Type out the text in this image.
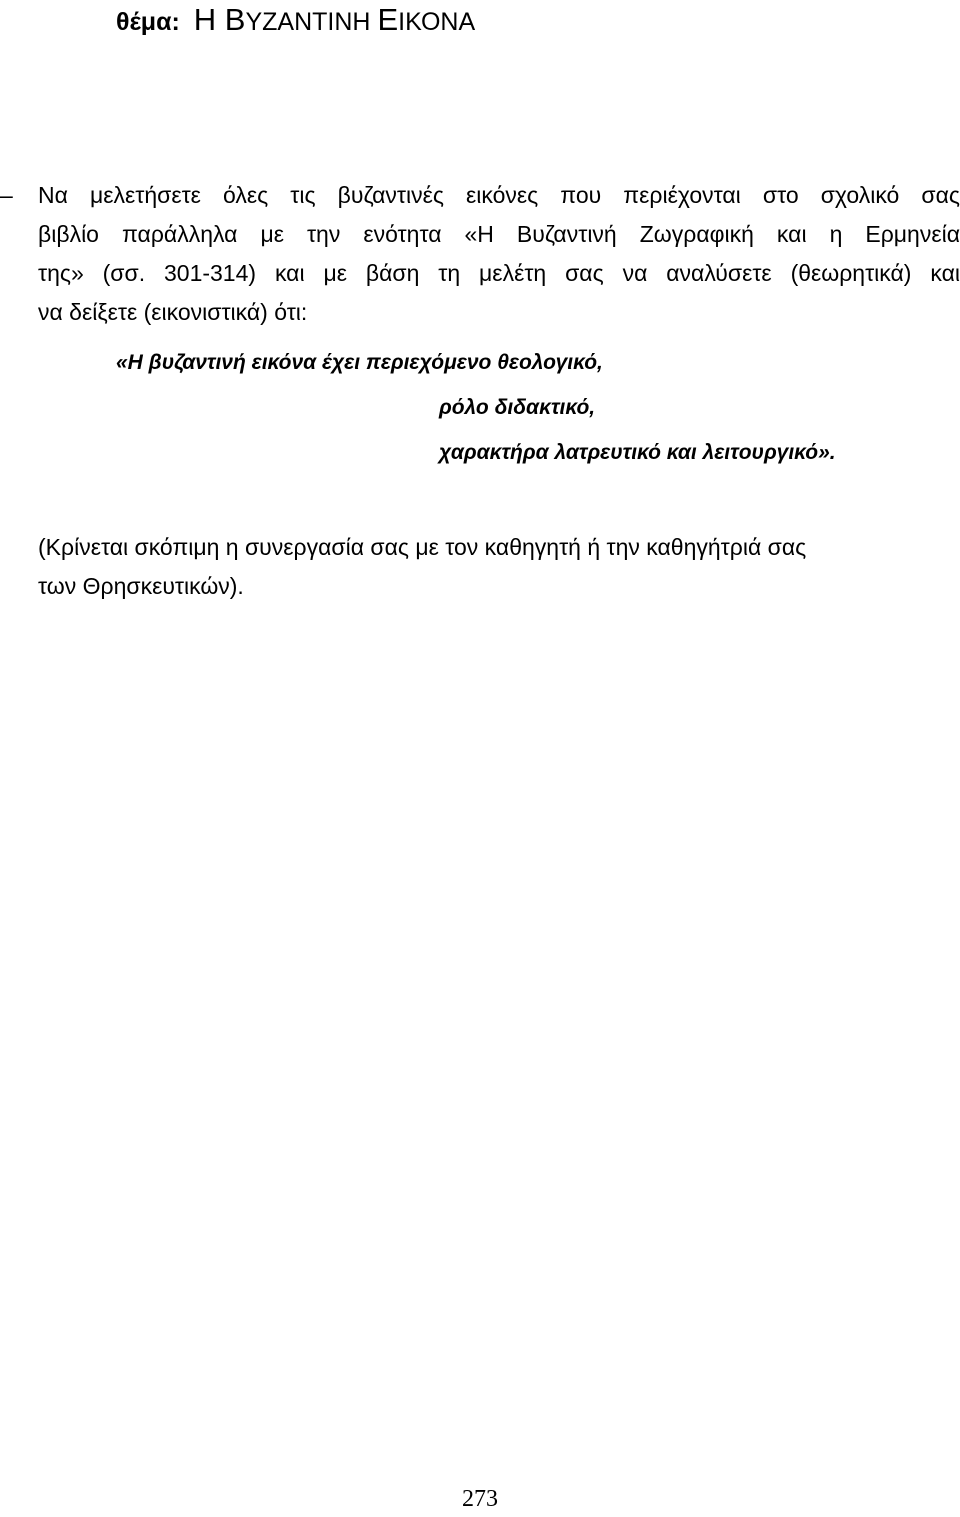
θέμα: Η ΒΥΖΑΝΤΙΝΗ ΕΙΚΟΝΑ
– Να μελετήσετε όλες τις βυζαντινές εικόνες που περιέχονται στο σχολικό σας
βιβλίο παράλληλα με την ενότητα «Η Βυζαντινή Ζωγραφική και η Ερμηνεία
της» (σσ. 301-314) και με βάση τη μελέτη σας να αναλύσετε (θεωρητικά) και
να δείξετε (εικονιστικά) ότι:
«Η βυζαντινή εικόνα έχει περιεχόμενο θεολογικό,
ρόλο διδακτικό,
χαρακτήρα λατρευτικό και λειτουργικό».
(Κρίνεται σκόπιμη η συνεργασία σας με τον καθηγητή ή την καθηγήτριά σας
των Θρησκευτικών).
273
